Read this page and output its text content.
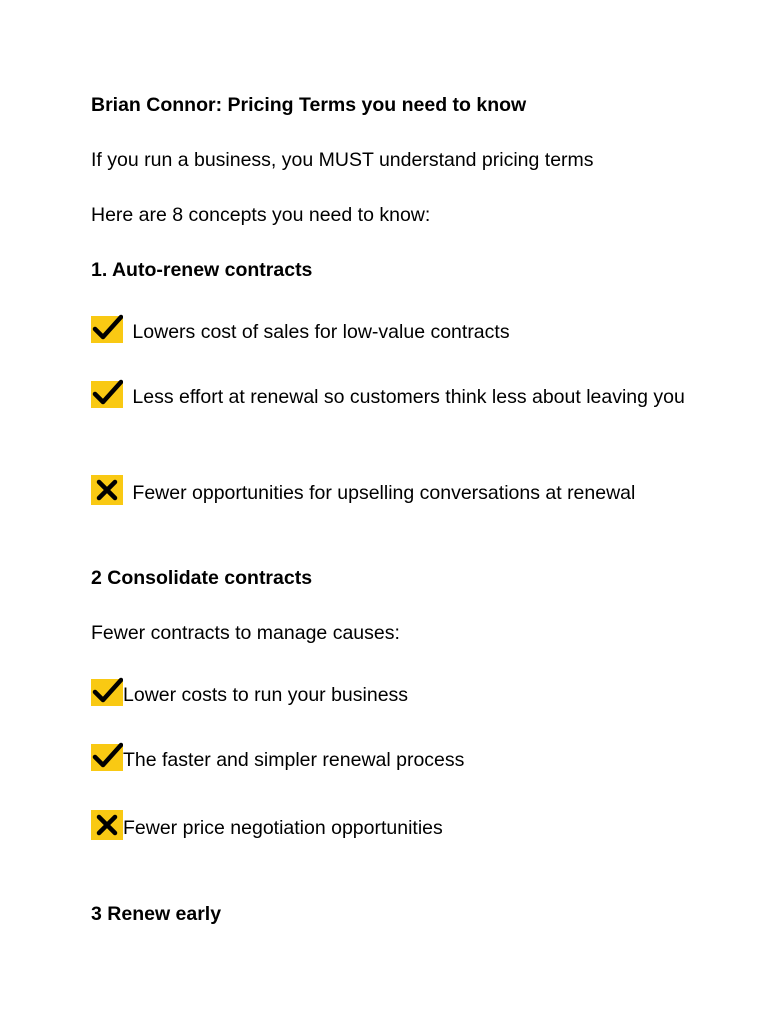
Brian Connor: Pricing Terms you need to know

If you run a business, you MUST understand pricing terms

Here are 8 concepts you need to know:

1. Auto-renew contracts

Lowers cost of sales for low-value contracts

Less effort at renewal so customers think less about leaving you

Fewer opportunities for upselling conversations at renewal

2 Consolidate contracts

Fewer contracts to manage causes:

Lower costs to run your business

The faster and simpler renewal process

Fewer price negotiation opportunities

3 Renew early
